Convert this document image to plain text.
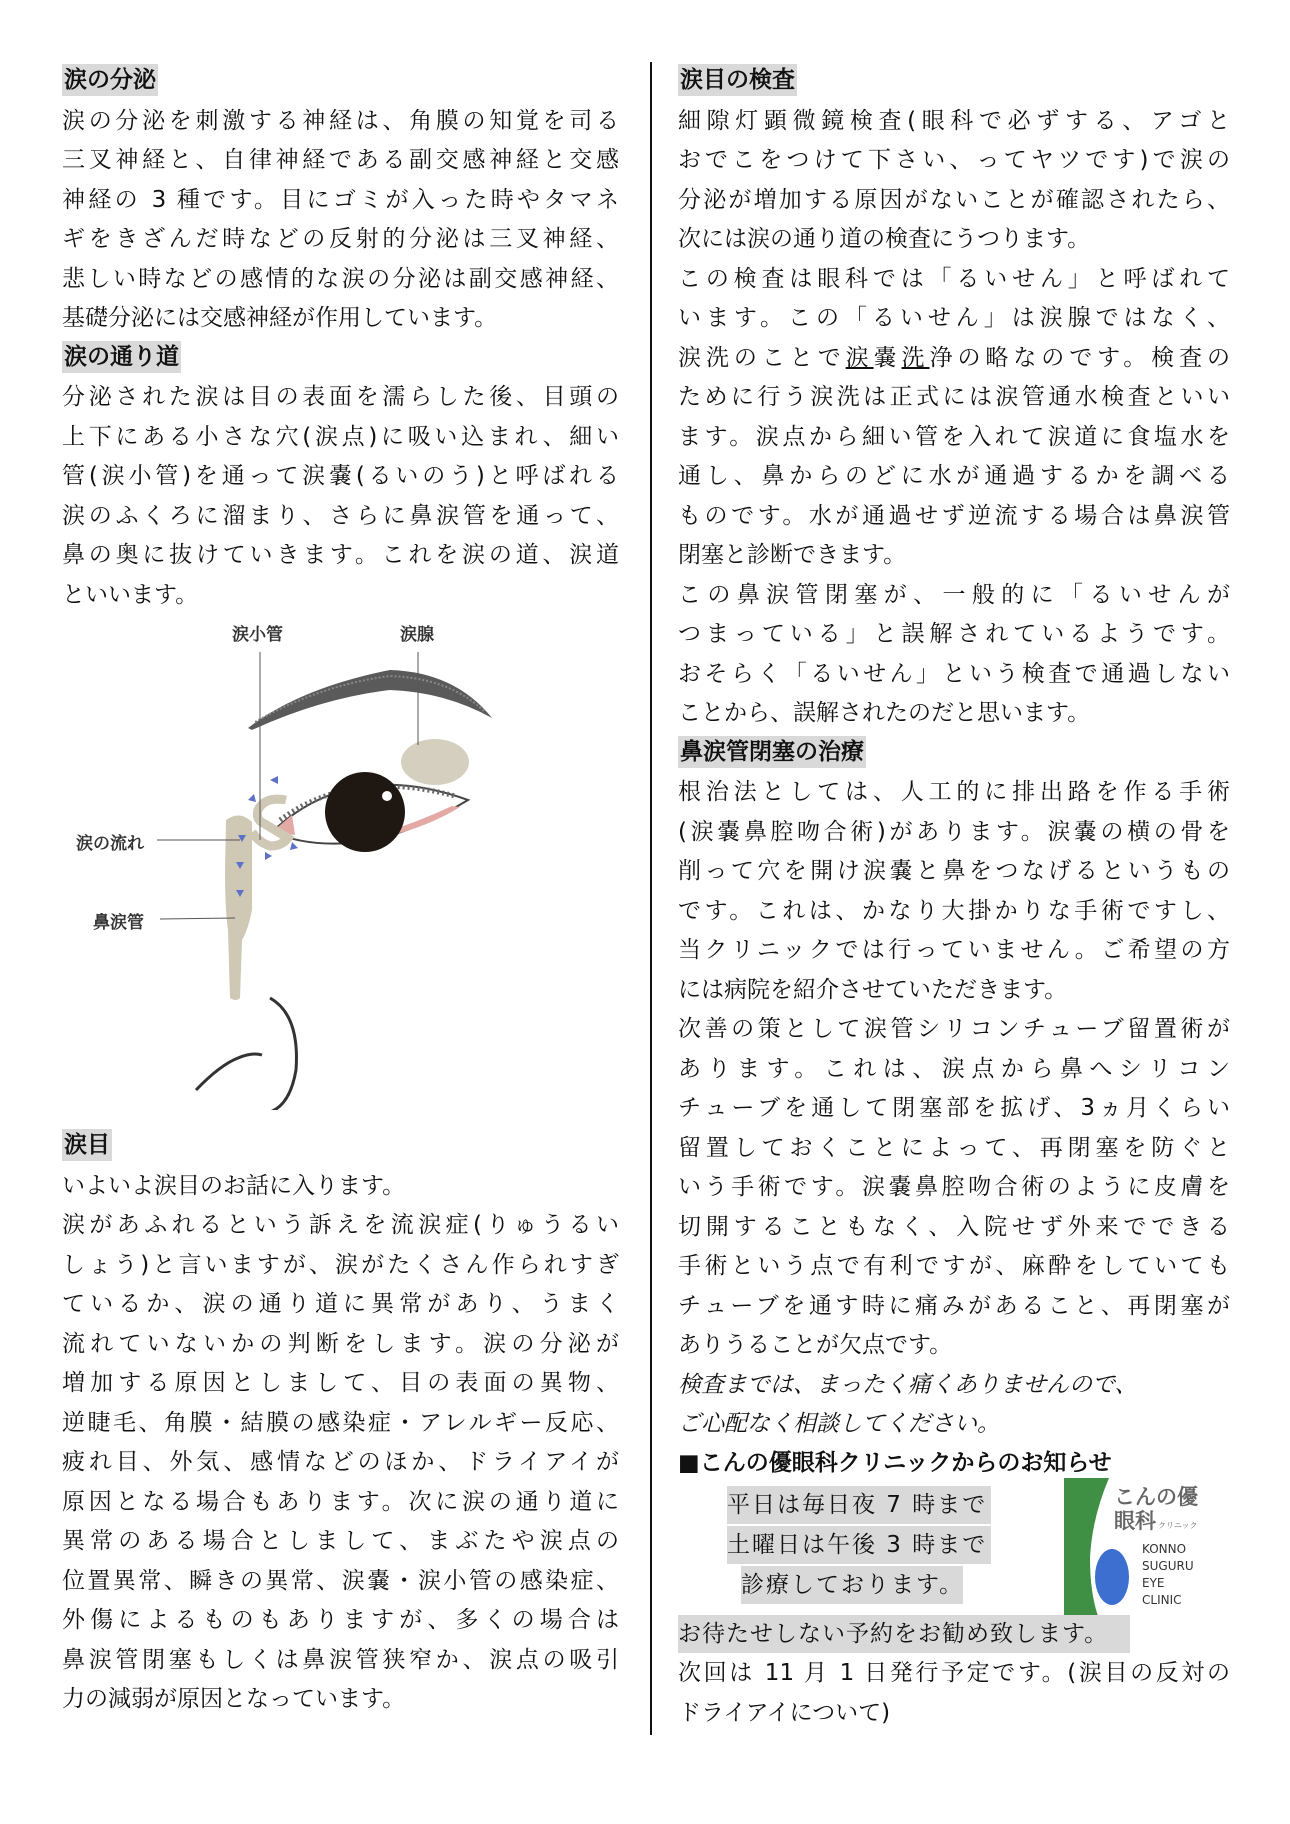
涙の分泌
涙の分泌を刺激する神経は、角膜の知覚を司る
三叉神経と、自律神経である副交感神経と交感
神経の 3 種です。目にゴミが入った時やタマネ
ギをきざんだ時などの反射的分泌は三叉神経、
悲しい時などの感情的な涙の分泌は副交感神経、
基礎分泌には交感神経が作用しています。
涙の通り道
分泌された涙は目の表面を濡らした後、目頭の
上下にある小さな穴(涙点)に吸い込まれ、細い
管(涙小管)を通って涙嚢(るいのう)と呼ばれる
涙のふくろに溜まり、さらに鼻涙管を通って、
鼻の奥に抜けていきます。これを涙の道、涙道
といいます。
涙目
いよいよ涙目のお話に入ります。
涙があふれるという訴えを流涙症(りゅうるい
しょう)と言いますが、涙がたくさん作られすぎ
ているか、涙の通り道に異常があり、うまく
流れていないかの判断をします。涙の分泌が
増加する原因としまして、目の表面の異物、
逆睫毛、角膜・結膜の感染症・アレルギー反応、
疲れ目、外気、感情などのほか、ドライアイが
原因となる場合もあります。次に涙の通り道に
異常のある場合としまして、まぶたや涙点の
位置異常、瞬きの異常、涙嚢・涙小管の感染症、
外傷によるものもありますが、多くの場合は
鼻涙管閉塞もしくは鼻涙管狭窄か、涙点の吸引
力の減弱が原因となっています。
涙目の検査
細隙灯顕微鏡検査(眼科で必ずする、アゴと
おでこをつけて下さい、ってヤツです)で涙の
分泌が増加する原因がないことが確認されたら、
次には涙の通り道の検査にうつります。
この検査は眼科では「るいせん」と呼ばれて
います。この「るいせん」は涙腺ではなく、
涙洗のことで涙嚢洗浄の略なのです。検査の
ために行う涙洗は正式には涙管通水検査といい
ます。涙点から細い管を入れて涙道に食塩水を
通し、鼻からのどに水が通過するかを調べる
ものです。水が通過せず逆流する場合は鼻涙管
閉塞と診断できます。
この鼻涙管閉塞が、一般的に「るいせんが
つまっている」と誤解されているようです。
おそらく「るいせん」という検査で通過しない
ことから、誤解されたのだと思います。
鼻涙管閉塞の治療
根治法としては、人工的に排出路を作る手術
(涙嚢鼻腔吻合術)があります。涙嚢の横の骨を
削って穴を開け涙嚢と鼻をつなげるというもの
です。これは、かなり大掛かりな手術ですし、
当クリニックでは行っていません。ご希望の方
には病院を紹介させていただきます。
次善の策として涙管シリコンチューブ留置術が
あります。これは、涙点から鼻へシリコン
チューブを通して閉塞部を拡げ、3ヵ月くらい
留置しておくことによって、再閉塞を防ぐと
いう手術です。涙嚢鼻腔吻合術のように皮膚を
切開することもなく、入院せず外来でできる
手術という点で有利ですが、麻酔をしていても
チューブを通す時に痛みがあること、再閉塞が
ありうることが欠点です。
検査までは、まったく痛くありませんので、
ご心配なく相談してください。
涙小管	涙腺
涙の流れ
鼻涙管
■こんの優眼科クリニックからのお知らせ
平日は毎日夜 7 時まで
土曜日は午後 3 時まで
診療しております。
こんの優
眼科 クリニック
KONNO
SUGURU
EYE
CLINIC
お待たせしない予約をお勧め致します。
次回は 11 月 1 日発行予定です。(涙目の反対の
ドライアイについて)
